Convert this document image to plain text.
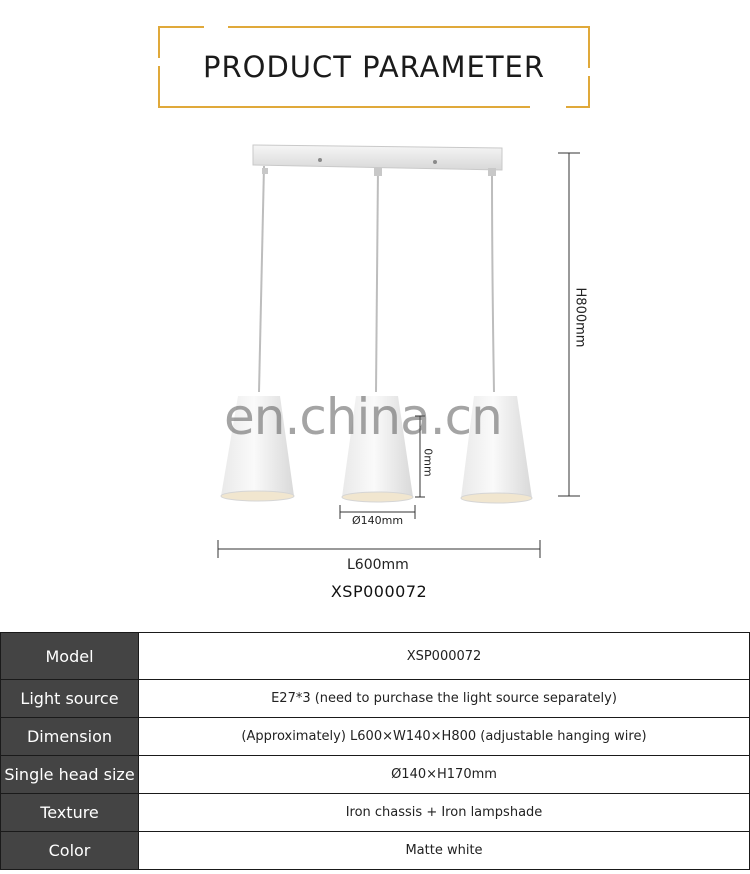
PRODUCT PARAMETER
en.china.cn
H800mm
0mm
Ø140mm
L600mm
XSP000072
Model	XSP000072
Light source	E27*3 (need to purchase the light source separately)
Dimension	(Approximately) L600×W140×H800 (adjustable hanging wire)
Single head size	Ø140×H170mm
Texture	Iron chassis + Iron lampshade
Color	Matte white
